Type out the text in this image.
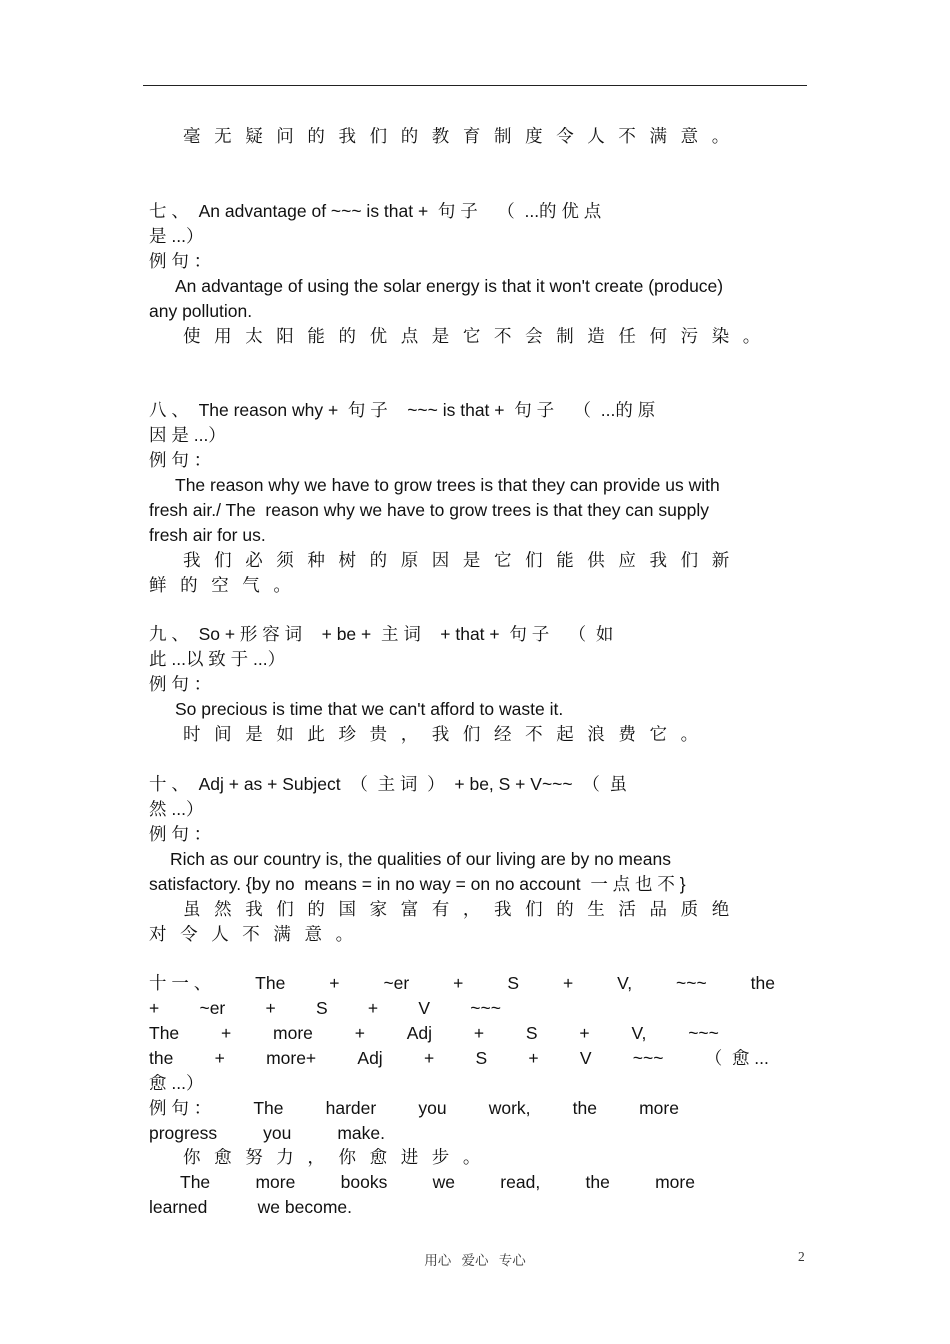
毫无疑问的我们的教育制度令人不满意。
七 、  An advantage of ~~~ is that +  句 子    （  ...的 优 点
是 ...）
例 句 ：
An advantage of using the solar energy is that it won't create (produce)
any pollution.
使用太阳能的优点是它不会制造任何污染。
八 、  The reason why +  句 子    ~~~ is that +  句 子    （  ...的 原
因 是 ...）
例 句 ：
The reason why we have to grow trees is that they can provide us with
fresh air./ The  reason why we have to grow trees is that they can supply
fresh air for us.
我们必须种树的原因是它们能供应我们新
鲜的空气。
九 、  So + 形 容 词    + be +  主 词    + that +  句 子    （  如
此 ...以 致 于 ...）
例 句 ：
So precious is time that we can't afford to waste it.
时间是如此珍贵，我们经不起浪费它。
十 、  Adj + as + Subject  （  主 词  ）  + be, S + V~~~  （  虽
然 ...）
例 句 ：
Rich as our country is, the qualities of our living are by no means
satisfactory. {by no  means = in no way = on no account  一 点 也 不 }
虽然我们的国家富有，我们的生活品质绝
对令人不满意。
十 一 、	The	+	~er	+	S	+	V,	~~~	the
+ ~er + S + V ~~~
The + more + Adj + S + V, ~~~
the + more+ Adj + S + V ~~~ （  愈 ...
愈 ...）
例 句 ： The harder you work, the more
progress	you	make.
你愈努力，你愈进步。
The	more	books	we	read,	the	more
learned	we become.
用心 爱心 专心	2
